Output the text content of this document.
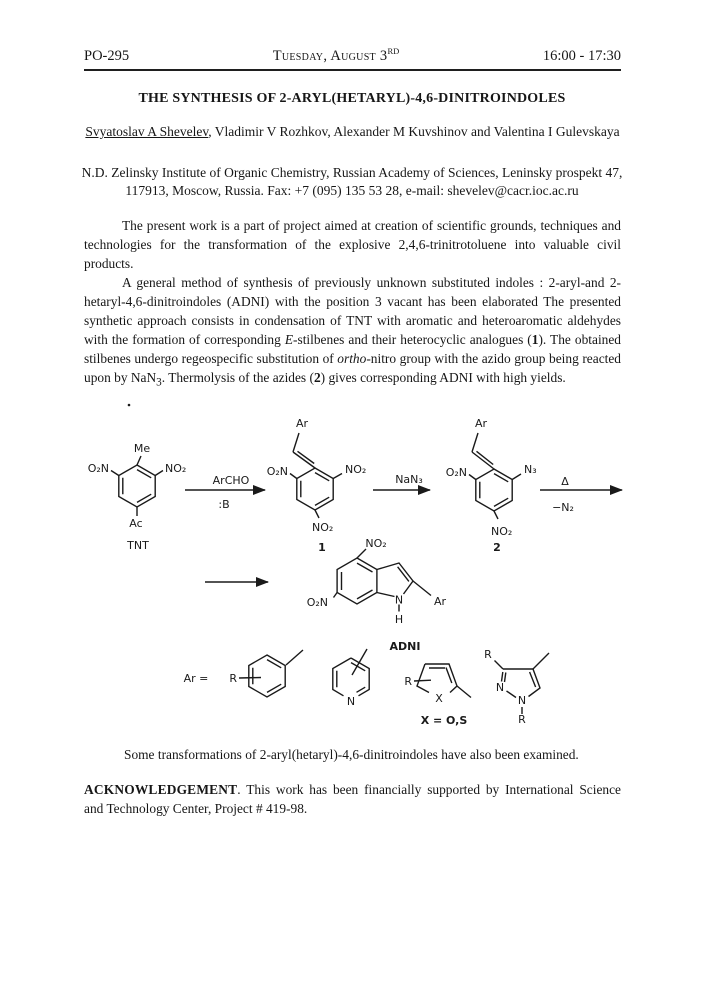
PO-295	Tuesday, August 3RD	16:00 - 17:30
THE SYNTHESIS OF 2-ARYL(HETARYL)-4,6-DINITROINDOLES
Svyatoslav A Shevelev, Vladimir V Rozhkov, Alexander M Kuvshinov and Valentina I Gulevskaya
N.D. Zelinsky Institute of Organic Chemistry, Russian Academy of Sciences, Leninsky prospekt 47, 117913, Moscow, Russia. Fax: +7 (095) 135 53 28, e-mail: shevelev@cacr.ioc.ac.ru

The present work is a part of project aimed at creation of scientific grounds, techniques and technologies for the transformation of the explosive 2,4,6-trinitrotoluene into valuable civil products.

A general method of synthesis of previously unknown substituted indoles : 2-aryl-and 2-hetaryl-4,6-dinitroindoles (ADNI) with the position 3 vacant has been elaborated The presented synthetic approach consists in condensation of TNT with aromatic and heteroaromatic aldehydes with the formation of corresponding E-stilbenes and their heterocyclic analogues (1). The obtained stilbenes undergo regeospecific substitution of ortho-nitro group with the azido group being reacted upon by NaN$_3$. Thermolysis of the azides (2) gives corresponding ADNI with high yields.

Me
O₂N	NO₂
Ac
TNT
ArCHO
:B
Ar
O₂N	NO₂
NO₂
1
NaN₃
Ar
O₂N	N₃
NO₂
2
Δ
−N₂
NO₂
O₂N	N
H
Ar
ADNI
Ar = R
N
R
X
X = O,S
R
N
N
R
Some transformations of 2-aryl(hetaryl)-4,6-dinitroindoles have also been examined.
ACKNOWLEDGEMENT. This work has been financially supported by International Science and Technology Center, Project # 419-98.
